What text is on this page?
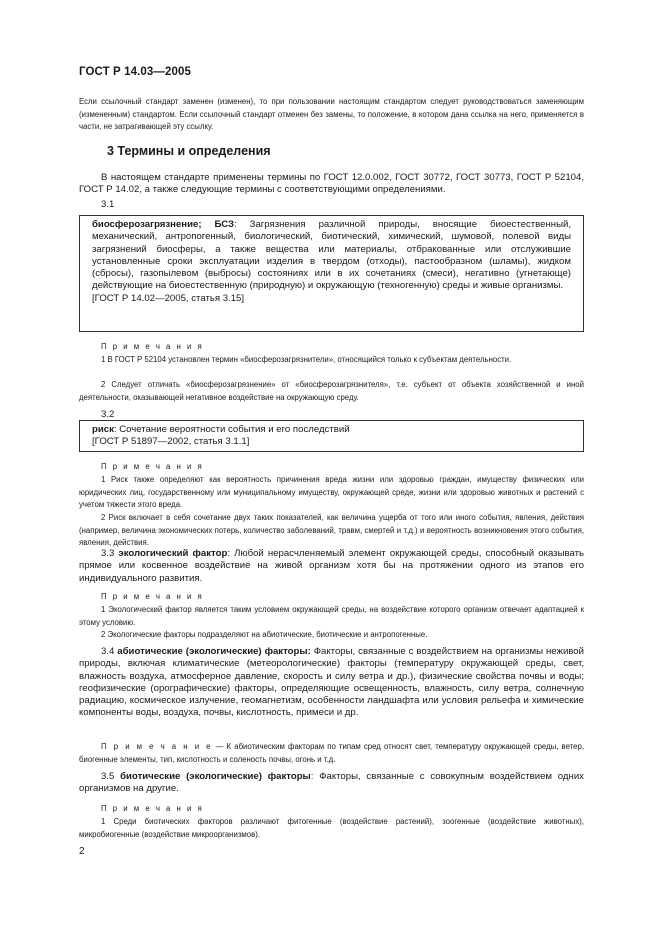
ГОСТ Р 14.03—2005

Если ссылочный стандарт заменен (изменен), то при пользовании настоящим стандартом следует руководствоваться заменяющим (измененным) стандартом. Если ссылочный стандарт отменен без замены, то положение, в котором дана ссылка на него, применяется в части, не затрагивающей эту ссылку.

3 Термины и определения

В настоящем стандарте применены термины по ГОСТ 12.0.002, ГОСТ 30772, ГОСТ 30773, ГОСТ Р 52104, ГОСТ Р 14.02, а также следующие термины с соответствующими определениями.

3.1

биосферозагрязнение; БСЗ: Загрязнения различной природы, вносящие биоестественный, механический, антропогенный, биологический, биотический, химический, шумовой, полевой виды загрязнений биосферы, а также вещества или материалы, отбракованные или отслужившие установленные сроки эксплуатации изделия в твердом (отходы), пастообразном (шламы), жидком (сбросы), газопылевом (выбросы) состояниях или в их сочетаниях (смеси), негативно (угнетающе) действующие на биоестественную (природную) и окружающую (техногенную) среды и живые организмы.

[ГОСТ Р 14.02—2005, статья 3.15]

П р и м е ч а н и я

1 В ГОСТ Р 52104 установлен термин «биосферозагрязнители», относящийся только к субъектам деятельности.

2 Следует отличать «биосферозагрязнение» от «биосферозагрязнителя», т.е. субъект от объекта хозяйственной и иной деятельности, оказывающей негативное воздействие на окружающую среду.

3.2

риск: Сочетание вероятности события и его последствий

[ГОСТ Р 51897—2002, статья 3.1.1]

П р и м е ч а н и я

1 Риск также определяют как вероятность причинения вреда жизни или здоровью граждан, имуществу физических или юридических лиц, государственному или муниципальному имуществу, окружающей среде, жизни или здоровью животных и растений с учетом тяжести этого вреда.

2 Риск включает в себя сочетание двух таких показателей, как величина ущерба от того или иного события, явления, действия (например, величина экономических потерь, количество заболеваний, травм, смертей и т.д.) и вероятность возникновения этого события, явления, действия.

3.3 экологический фактор: Любой нерасчленяемый элемент окружающей среды, способный оказывать прямое или косвенное воздействие на живой организм хотя бы на протяжении одного из этапов его индивидуального развития.

П р и м е ч а н и я

1 Экологический фактор является таким условием окружающей среды, на воздействие которого организм отвечает адаптацией к этому условию.

2 Экологические факторы подразделяют на абиотические, биотические и антропогенные.

3.4 абиотические (экологические) факторы: Факторы, связанные с воздействием на организмы неживой природы, включая климатические (метеорологические) факторы (температуру окружающей среды, свет, влажность воздуха, атмосферное давление, скорость и силу ветра и др.), физические свойства почвы и воды; геофизические (орографические) факторы, определяющие освещенность, влажность, силу ветра, солнечную радиацию, космическое излучение, геомагнетизм, особенности ландшафта или условия рельефа и химические компоненты воды, воздуха, почвы, кислотность, примеси и др.

П р и м е ч а н и е — К абиотическим факторам по типам сред относят свет, температуру окружающей среды, ветер, биогенные элементы, тип, кислотность и соленость почвы, огонь и т.д.

3.5 биотические (экологические) факторы: Факторы, связанные с совокупным воздействием одних организмов на другие.

П р и м е ч а н и я

1 Среди биотических факторов различают фитогенные (воздействие растений), зоогенные (воздействие животных), микробиогенные (воздействие микроорганизмов).

2
